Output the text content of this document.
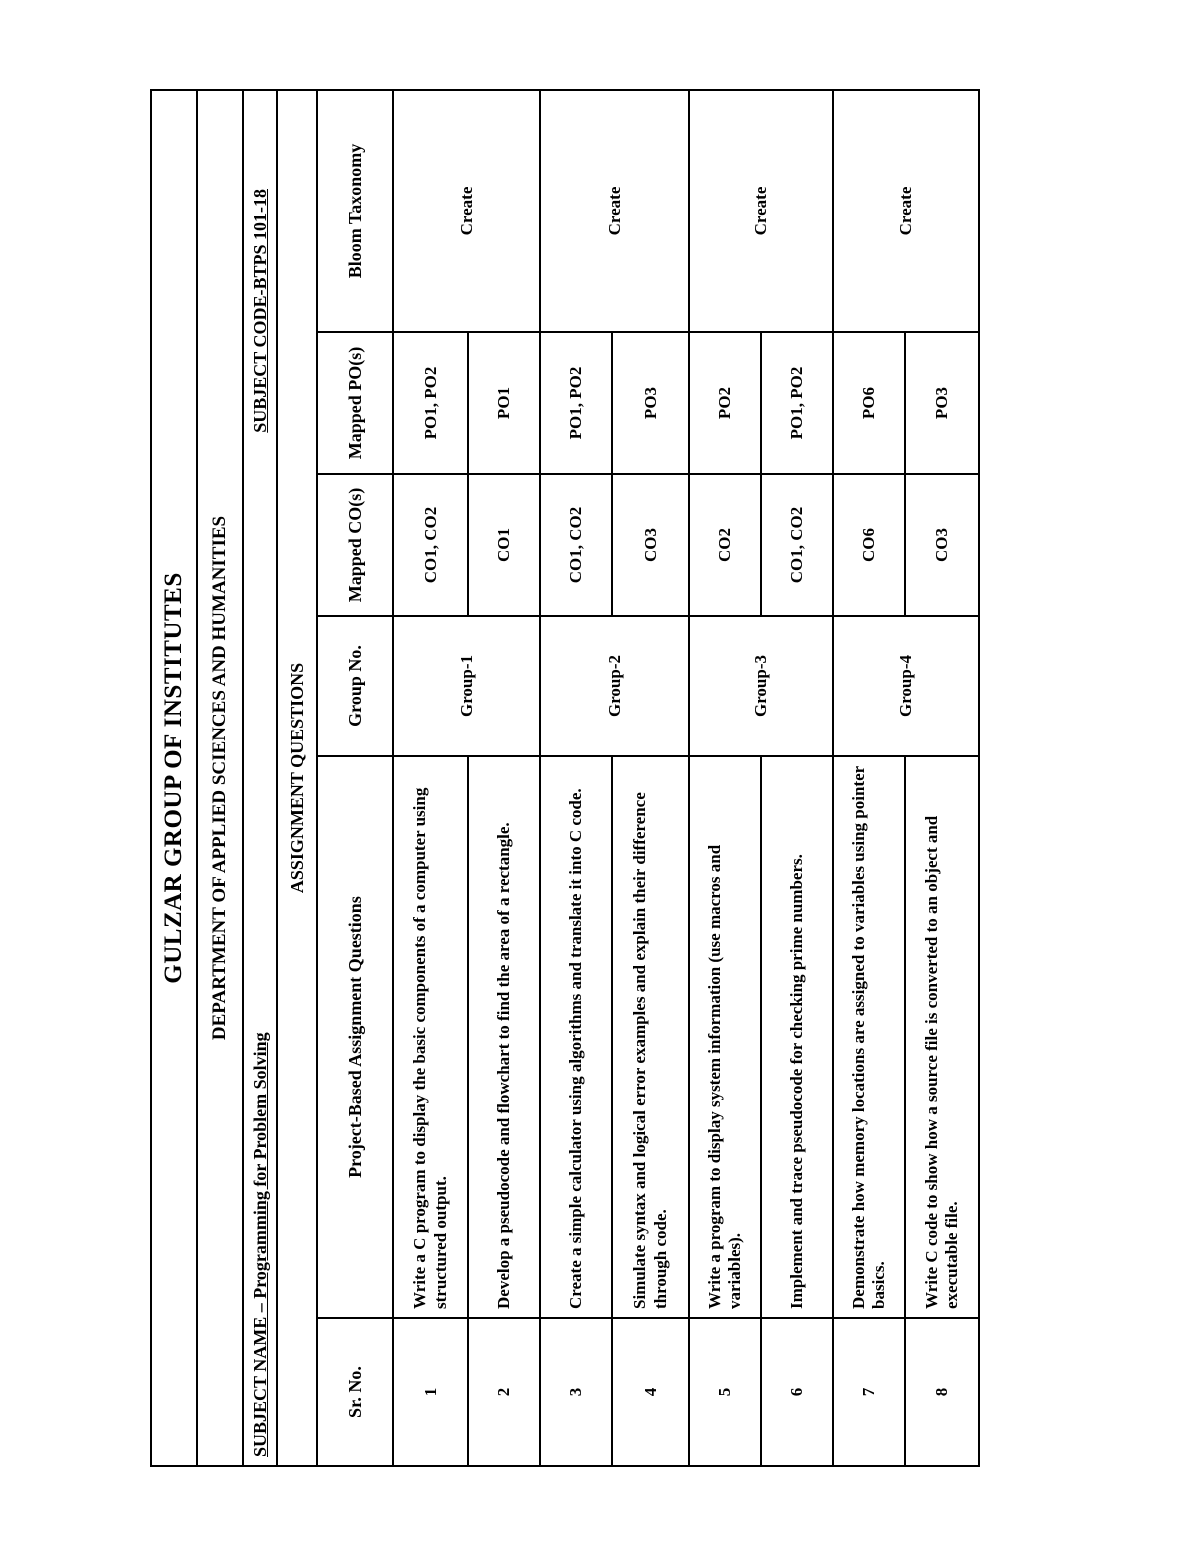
GULZAR GROUP OF INSTITUTES					
DEPARTMENT OF APPLIED SCIENCES AND HUMANITIES					
SUBJECT NAME – Programming for Problem Solving
SUBJECT CODE-BTPS 101-18					

ASSIGNMENT QUESTIONS					
Sr. No.	Project-Based Assignment Questions	Group No.	Mapped CO(s)	Mapped PO(s)	Bloom Taxonomy
1	Write a C program to display the basic components of a computer using structured output.	Group-1	CO1, CO2	PO1, PO2	Create
2	Develop a pseudocode and flowchart to find the area of a rectangle.		CO1	PO1	
3	Create a simple calculator using algorithms and translate it into C code.	Group-2	CO1, CO2	PO1, PO2	Create
4	Simulate syntax and logical error examples and explain their difference through code.		CO3	PO3	
5	Write a program to display system information (use macros and variables).	Group-3	CO2	PO2	Create
6	Implement and trace pseudocode for checking prime numbers.		CO1, CO2	PO1, PO2	
7	Demonstrate how memory locations are assigned to variables using pointer basics.	Group-4	CO6	PO6	Create
8	Write C code to show how a source file is converted to an object and executable file.		CO3	PO3	
